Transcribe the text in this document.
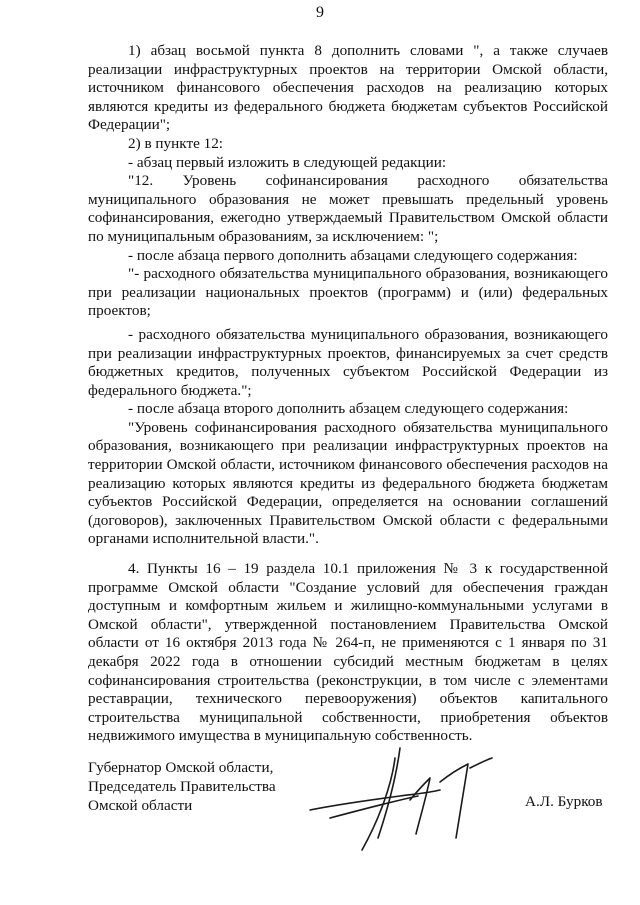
9

1) абзац восьмой пункта 8 дополнить словами ", а также случаев реализации инфраструктурных проектов на территории Омской области, источником финансового обеспечения расходов на реализацию которых являются кредиты из федерального бюджета бюджетам субъектов Российской Федерации";

2) в пункте 12:

- абзац первый изложить в следующей редакции:

"12. Уровень софинансирования расходного обязательства муниципального образования не может превышать предельный уровень софинансирования, ежегодно утверждаемый Правительством Омской области по муниципальным образованиям, за исключением: ";

- после абзаца первого дополнить абзацами следующего содержания:

"- расходного обязательства муниципального образования, возникающего при реализации национальных проектов (программ) и (или) федеральных проектов;

- расходного обязательства муниципального образования, возникающего при реализации инфраструктурных проектов, финансируемых за счет средств бюджетных кредитов, полученных субъектом Российской Федерации из федерального бюджета.";

- после абзаца второго дополнить абзацем следующего содержания:

"Уровень софинансирования расходного обязательства муниципального образования, возникающего при реализации инфраструктурных проектов на территории Омской области, источником финансового обеспечения расходов на реализацию которых являются кредиты из федерального бюджета бюджетам субъектов Российской Федерации, определяется на основании соглашений (договоров), заключенных Правительством Омской области с федеральными органами исполнительной власти.".

4. Пункты 16 – 19 раздела 10.1 приложения № 3 к государственной программе Омской области "Создание условий для обеспечения граждан доступным и комфортным жильем и жилищно-коммунальными услугами в Омской области", утвержденной постановлением Правительства Омской области от 16 октября 2013 года № 264-п, не применяются с 1 января по 31 декабря 2022 года в отношении субсидий местным бюджетам в целях софинансирования строительства (реконструкции, в том числе с элементами реставрации, технического перевооружения) объектов капитального строительства муниципальной собственности, приобретения объектов недвижимого имущества в муниципальную собственность.

Губернатор Омской области,
Председатель Правительства
Омской области	А.Л. Бурков
